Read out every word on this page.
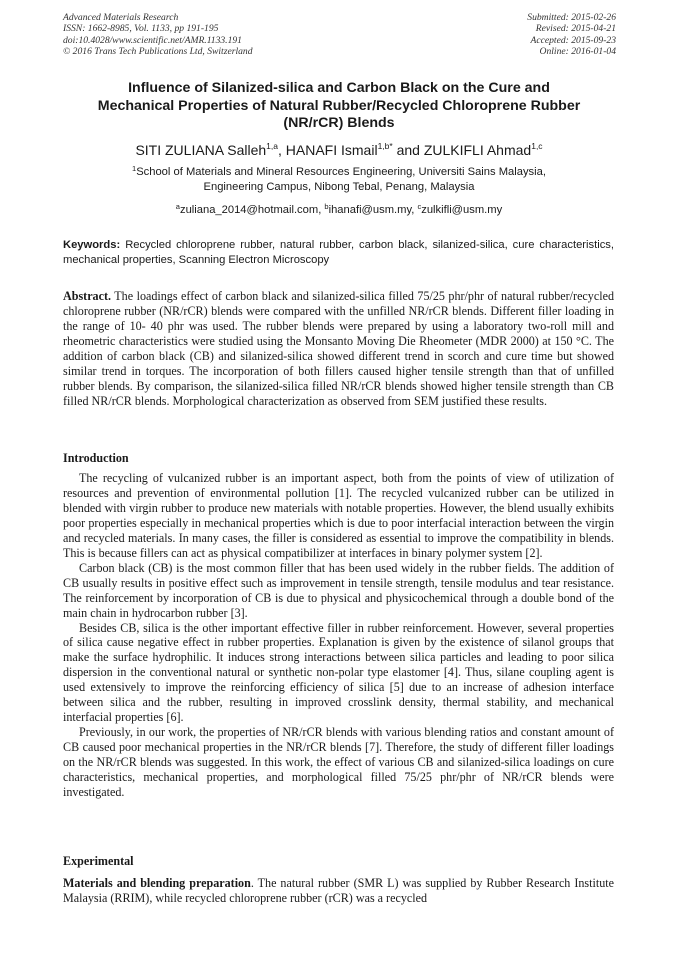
Advanced Materials Research
ISSN: 1662-8985, Vol. 1133, pp 191-195
doi:10.4028/www.scientific.net/AMR.1133.191
© 2016 Trans Tech Publications Ltd, Switzerland
Submitted: 2015-02-26
Revised: 2015-04-21
Accepted: 2015-09-23
Online: 2016-01-04
Influence of Silanized-silica and Carbon Black on the Cure and
Mechanical Properties of Natural Rubber/Recycled Chloroprene Rubber
(NR/rCR) Blends
SITI ZULIANA Salleh$^{1,a}$, HANAFI Ismail$^{1,b*}$ and ZULKIFLI Ahmad$^{1,c}$
$^1$School of Materials and Mineral Resources Engineering, Universiti Sains Malaysia,
Engineering Campus, Nibong Tebal, Penang, Malaysia
$^a$zuliana_2014@hotmail.com, $^b$ihanafi@usm.my, $^c$zulkifli@usm.my
Keywords: Recycled chloroprene rubber, natural rubber, carbon black, silanized-silica, cure characteristics, mechanical properties, Scanning Electron Microscopy
Abstract. The loadings effect of carbon black and silanized-silica filled 75/25 phr/phr of natural rubber/recycled chloroprene rubber (NR/rCR) blends were compared with the unfilled NR/rCR blends. Different filler loading in the range of 10- 40 phr was used. The rubber blends were prepared by using a laboratory two-roll mill and rheometric characteristics were studied using the Monsanto Moving Die Rheometer (MDR 2000) at 150 °C. The addition of carbon black (CB) and silanized-silica showed different trend in scorch and cure time but showed similar trend in torques. The incorporation of both fillers caused higher tensile strength than that of unfilled rubber blends. By comparison, the silanized-silica filled NR/rCR blends showed higher tensile strength than CB filled NR/rCR blends. Morphological characterization as observed from SEM justified these results.
Introduction

The recycling of vulcanized rubber is an important aspect, both from the points of view of utilization of resources and prevention of environmental pollution [1]. The recycled vulcanized rubber can be utilized in blended with virgin rubber to produce new materials with notable properties. However, the blend usually exhibits poor properties especially in mechanical properties which is due to poor interfacial interaction between the virgin and recycled materials. In many cases, the filler is considered as essential to improve the compatibility in blends. This is because fillers can act as physical compatibilizer at interfaces in binary polymer system [2].

Carbon black (CB) is the most common filler that has been used widely in the rubber fields. The addition of CB usually results in positive effect such as improvement in tensile strength, tensile modulus and tear resistance. The reinforcement by incorporation of CB is due to physical and physicochemical through a double bond of the main chain in hydrocarbon rubber [3].

Besides CB, silica is the other important effective filler in rubber reinforcement. However, several properties of silica cause negative effect in rubber properties. Explanation is given by the existence of silanol groups that make the surface hydrophilic. It induces strong interactions between silica particles and leading to poor silica dispersion in the conventional natural or synthetic non-polar type elastomer [4]. Thus, silane coupling agent is used extensively to improve the reinforcing efficiency of silica [5] due to an increase of adhesion interface between silica and the rubber, resulting in improved crosslink density, thermal stability, and mechanical interfacial properties [6].

Previously, in our work, the properties of NR/rCR blends with various blending ratios and constant amount of CB caused poor mechanical properties in the NR/rCR blends [7]. Therefore, the study of different filler loadings on the NR/rCR blends was suggested. In this work, the effect of various CB and silanized-silica loadings on cure characteristics, mechanical properties, and morphological filled 75/25 phr/phr of NR/rCR blends were investigated.

Experimental
Materials and blending preparation. The natural rubber (SMR L) was supplied by Rubber Research Institute Malaysia (RRIM), while recycled chloroprene rubber (rCR) was a recycled
